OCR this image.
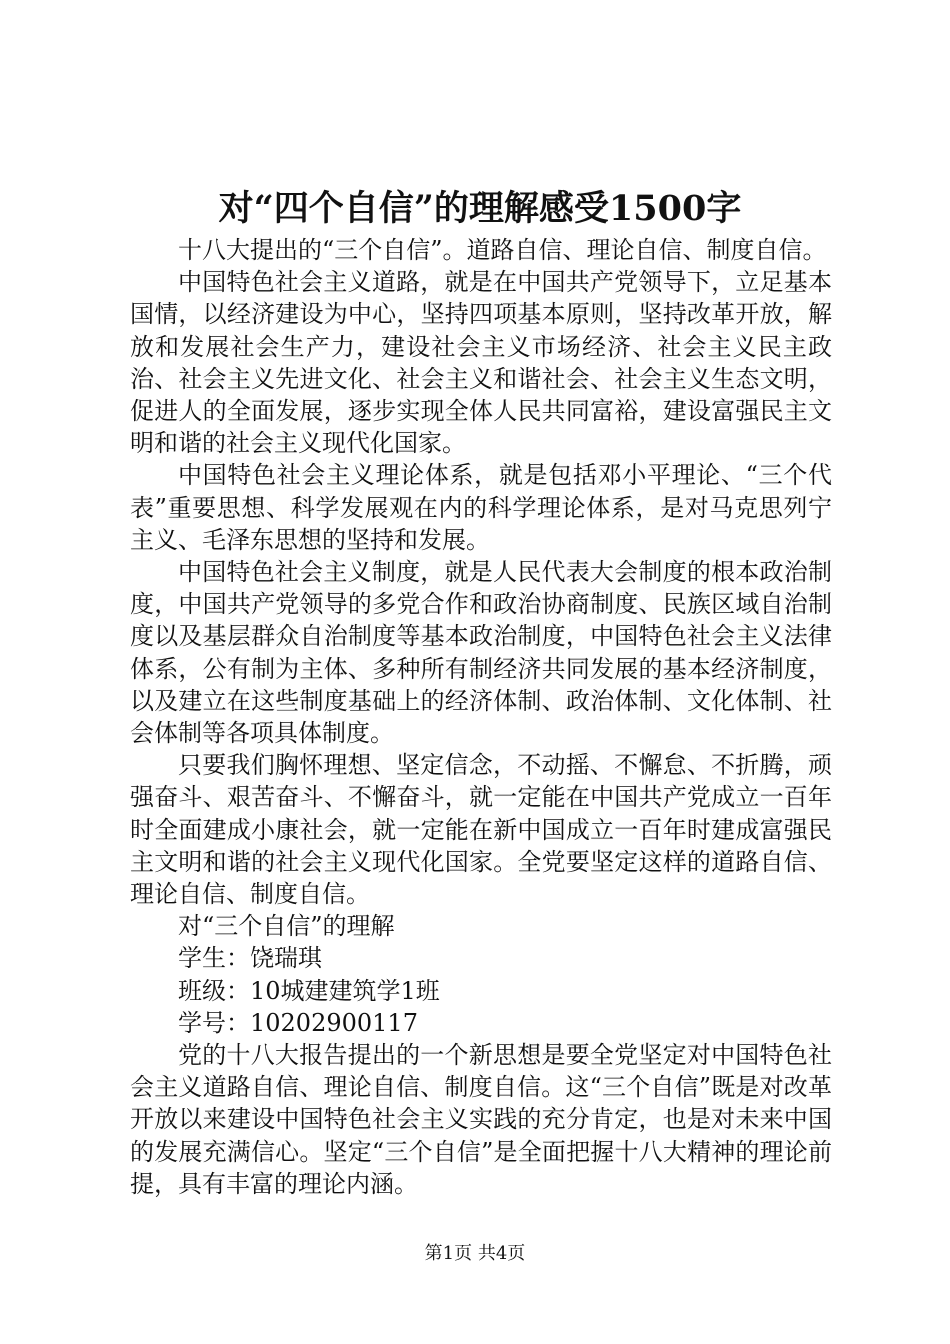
对“四个自信”的理解感受1500字

十八大提出的“三个自信”。道路自信、理论自信、制度自信。

中国特色社会主义道路，就是在中国共产党领导下，立足基本国情，以经济建设为中心，坚持四项基本原则，坚持改革开放，解放和发展社会生产力，建设社会主义市场经济、社会主义民主政治、社会主义先进文化、社会主义和谐社会、社会主义生态文明，促进人的全面发展，逐步实现全体人民共同富裕，建设富强民主文明和谐的社会主义现代化国家。

中国特色社会主义理论体系，就是包括邓小平理论、“三个代表”重要思想、科学发展观在内的科学理论体系，是对马克思列宁主义、毛泽东思想的坚持和发展。

中国特色社会主义制度，就是人民代表大会制度的根本政治制度，中国共产党领导的多党合作和政治协商制度、民族区域自治制度以及基层群众自治制度等基本政治制度，中国特色社会主义法律体系，公有制为主体、多种所有制经济共同发展的基本经济制度，以及建立在这些制度基础上的经济体制、政治体制、文化体制、社会体制等各项具体制度。

只要我们胸怀理想、坚定信念，不动摇、不懈怠、不折腾，顽强奋斗、艰苦奋斗、不懈奋斗，就一定能在中国共产党成立一百年时全面建成小康社会，就一定能在新中国成立一百年时建成富强民主文明和谐的社会主义现代化国家。全党要坚定这样的道路自信、理论自信、制度自信。

对“三个自信”的理解

学生：饶瑞琪

班级：10城建建筑学1班

学号：10202900117

党的十八大报告提出的一个新思想是要全党坚定对中国特色社会主义道路自信、理论自信、制度自信。这“三个自信”既是对改革开放以来建设中国特色社会主义实践的充分肯定，也是对未来中国的发展充满信心。坚定“三个自信”是全面把握十八大精神的理论前提，具有丰富的理论内涵。

第1页 共4页
